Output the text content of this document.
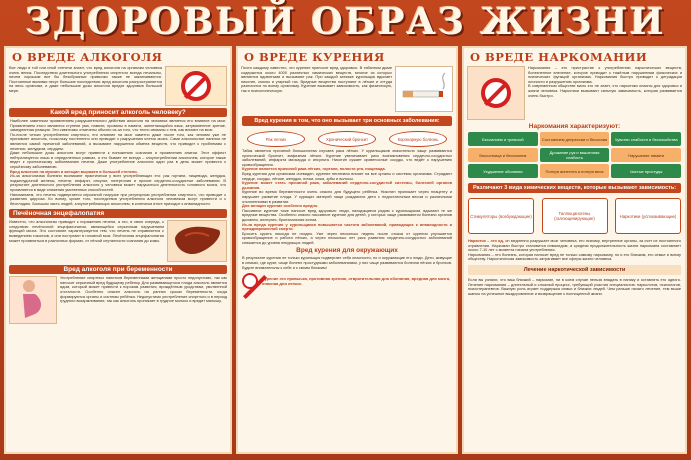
ЗДОРОВЫЙ ОБРАЗ ЖИЗНИ
О ВРЕДЕ АЛКОГОЛЯ
Все люди в той или иной степени знают, что вред алкоголя на организм человека очень велик. Последствия длительного употребления спиртного всегда печальны, ничем хорошим все бы безобразные привычки также не заканчиваются. Постоянные выпивки несут большие последствия: вред алкоголя распространяется на весь организм, и даже небольшие дозы алкоголя вредят здоровью большой мере.
Какой вред приносит алкоголь человеку?
Наиболее заметным проявлением разрушительного действия алкоголя на человека является его влияние на мозг. Проявлением этого являются ступени ума, памяти, провалы в памяти, заплетающийся язык, затуманенное зрение, замедленная реакция. Эти симптомы отмечены обычно из-за того, что тесно связаны с тем, как влияют на мозг.
По-после четких употребления спиртного, его влияние на мозг заметно даже после того, как человек уже не принимает алкоголь, поскольку постепенно они приводят к разрушению клеток мозга. Сами алкогольные напитки не являются самой причиной заболеваний, а вызывают нарушения обмена веществ, что приводит к проблемам с печенью, желудком, сердцем.
Даже небольшие дозы алкоголя могут привести к понижению сознания и проявлению апатии. Этот эффект нейтрализуется лишь в определенных рамках, а это бывает не всегда – злоупотреблении алкоголем, которое также ведет к хроническому заболеванию печени. Даже употребление алкоголя один раз в день может привести к серьёзному заболеванию.
Вред алкоголя на мужчин и женщин выражен в большей степени.
Из-за алкоголизма болезни возникают практически у всех употребляющих его: рак гортани, пищевода, желудка, поджелудочной железы, печени; инфаркт, инсульт, гипертония и прочие сердечно-сосудистые заболевания. В результате длительного употребления алкоголя у человека может нарушиться деятельность головного мозга, что проявляется в виде снижения умственных способностей.
Напоминаем, что печень подвергается серьезной нагрузке при регулярном употреблении спиртного, что приводит к развитию цирроза. Ко всему, кроме того, последствия употребления алкоголя человеком могут привести и к бесплодию. Большая часть людей, злоупотребляющих алкоголем, в конечном итоге приходит к инвалидности.
Печёночная энцефалопатия
Известно, что алкоголизм приводит к поражению печени, а это, в свою очередь, к следствию печёночной энцефалопатии, являющейся серьезным нарушением функций мозга. Это состояние характеризуется тем, что печень не справляется с выведением токсинов, и они поступают в головной мозг. Печёночная энцефалопатия может проявляться в различных формах, от лёгкой спутанности сознания до комы.
Вред алкоголя при беременности
Употребление спиртных напитков беременными женщинами просто недопустимо, так как наносит серьезный вред будущему ребенку. Для развивающегося плода алкоголь является ядом, который может привести к порокам развития, врождённым уродствам, умственной отсталости. Особенно опасен алкоголь на ранних сроках беременности, когда формируются органы и системы ребёнка. Недопустимо употребление спиртного и в период грудного вскармливания, так как алкоголь проникает в грудное молоко и вредит малышу.
О ВРЕДЕ КУРЕНИЯ
Почти каждому известно, что курение приносит вред здоровью. В табачном дыме содержится около 4000 различных химических веществ, многие из которых являются ядовитыми и вызывают рак. При каждой затяжке курильщик вдыхает никотин, смолы и угарный газ. Вредные вещества поступают в лёгкие и оттуда разносятся по всему организму. Курение вызывает зависимость, как физическую, так и психологическую.
Вред курения в том, что оно вызывает три основных заболевания:
Рак легких	Хронический бронхит	Коронарную болезнь
Табак является причиной большинства случаев рака лёгких. У курильщиков значительно чаще развиваются хронический бронхит, эмфизема лёгких. Курение увеличивает риск возникновения сердечно-сосудистых заболеваний, инфаркта миокарда и инсульта. Никотин сужает кровеносные сосуды, что ведёт к нарушению кровообращения.
Курение является причиной рака лёгких, гортани, полости рта, пищевода.
Вред курения для организма очевиден, курение негативно влияет на все органы и системы организма. Страдают сердце, сосуды, лёгкие, желудок, почки, кожа, зубы и волосы.
Курение может стать причиной рака, заболеваний сердечно-сосудистой системы, болезней органов дыхания.
Курение во время беременности очень опасно для будущего ребёнка. Никотин проникает через плаценту и нарушает развитие плода. У курящих матерей чаще рождаются дети с недостаточным весом и различными отклонениями в развитии.
Для женщин курение особенно вредно.
Пассивное курение тоже наносит вред здоровью: люди, находящиеся рядом с курильщиком, вдыхают те же вредные вещества. Особенно опасно пассивное курение для детей, у которых чаще развиваются болезни органов дыхания, аллергия, бронхиальная астма.
Из-за вреда курения у курильщиков повышается частота заболеваний, приводящих к инвалидности и преждевременной смерти.
Бросить курить никогда не поздно. Уже через несколько недель после отказа от курения улучшается кровообращение и работа лёгких, а через несколько лет риск развития сердечно-сосудистых заболеваний снижается до уровня некурящих людей.
Вред курения для окружающих
В результате курения не только курильщик подвергает себя опасности, но и окружающие его люди. Дети, живущие в семьях, где курят, чаще болеют простудными заболеваниями, у них чаще развиваются болезни лёгких и бронхов. Будьте внимательны к себе и к своим близким!
Курение это привычка, противная зрению, отвратительная для обоняния, вредная для мозга, опасная для легких.
О ВРЕДЕ НАРКОМАНИИ
Наркомания – это пристрастие к употреблению наркотических веществ, болезненное влечение, которое приводит к тяжёлым нарушениям физических и психических функций организма. Наркомания быстро приводит к деградации личности и разрушению организма.
В современном обществе мало кто не знает, что наркотики опасны для здоровья и жизни человека. Наркотики вызывают сильную зависимость, которая развивается очень быстро.
Наркомания характеризуют:
Бессилием и тревогой	Состоянием депрессии и бессилия	Чувство слабости и беспокойства
Бессонница и бессилием	Дрожание рук и мышечная слабость	Нарушение памяти
Ухудшение обоняния	Потеря аппетита и потеря веса	Частые простуды
Различают 3 вида химических веществ, которые вызывают зависимость:
Стимуляторы (возбуждающие)	Галлюциногены (галлюцинирующие)	Наркотики (успокаивающие)
Наркотик – это яд, он медленно разрушает мозг человека, его психику, внутренние органы, за счет их постоянного отравления. Наркоман быстро становится инвалидом, а средняя продолжительность жизни наркомана составляет около 7-10 лет с момента начала употребления.
Наркомания – это болезнь, которая наносит вред не только самому наркоману, но и его близким, его семье и всему обществу. Наркотическая зависимость затрагивает все сферы жизни человека.
Лечение наркотической зависимости
Если вы узнали, что ваш близкий – наркоман, ни в коем случае нельзя впадать в панику и оставлять его одного. Лечение наркомании – длительный и сложный процесс, требующий участия специалистов: наркологов, психологов, психотерапевтов. Важную роль играет поддержка семьи и близких людей. Чем раньше начато лечение, тем выше шансы на успешное выздоровление и возвращение к полноценной жизни.
